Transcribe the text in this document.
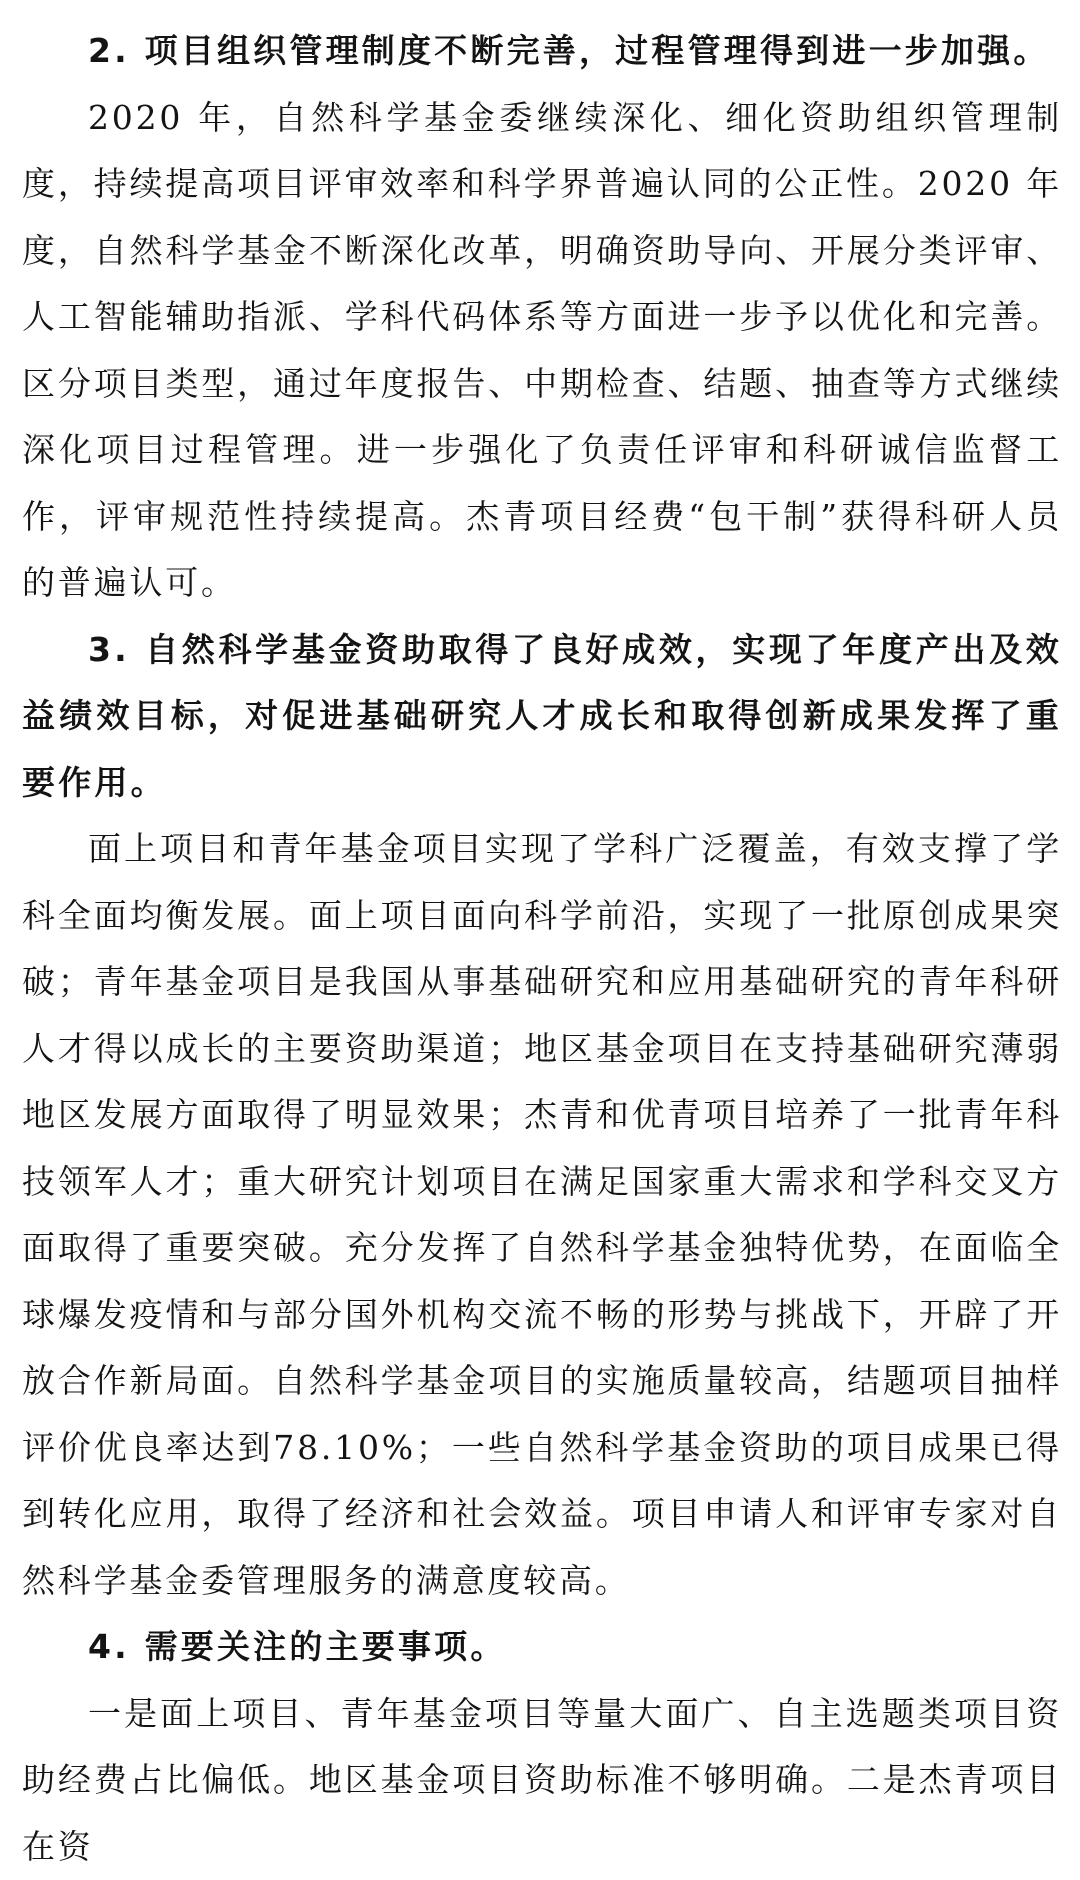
2. 项目组织管理制度不断完善，过程管理得到进一步加强。

2020 年，自然科学基金委继续深化、细化资助组织管理制度，持续提高项目评审效率和科学界普遍认同的公正性。2020 年度，自然科学基金不断深化改革，明确资助导向、开展分类评审、人工智能辅助指派、学科代码体系等方面进一步予以优化和完善。区分项目类型，通过年度报告、中期检查、结题、抽查等方式继续深化项目过程管理。进一步强化了负责任评审和科研诚信监督工作，评审规范性持续提高。杰青项目经费“包干制”获得科研人员的普遍认可。

3. 自然科学基金资助取得了良好成效，实现了年度产出及效益绩效目标，对促进基础研究人才成长和取得创新成果发挥了重要作用。

面上项目和青年基金项目实现了学科广泛覆盖，有效支撑了学科全面均衡发展。面上项目面向科学前沿，实现了一批原创成果突破；青年基金项目是我国从事基础研究和应用基础研究的青年科研人才得以成长的主要资助渠道；地区基金项目在支持基础研究薄弱地区发展方面取得了明显效果；杰青和优青项目培养了一批青年科技领军人才；重大研究计划项目在满足国家重大需求和学科交叉方面取得了重要突破。充分发挥了自然科学基金独特优势，在面临全球爆发疫情和与部分国外机构交流不畅的形势与挑战下，开辟了开放合作新局面。自然科学基金项目的实施质量较高，结题项目抽样评价优良率达到78.10%；一些自然科学基金资助的项目成果已得到转化应用，取得了经济和社会效益。项目申请人和评审专家对自然科学基金委管理服务的满意度较高。

4. 需要关注的主要事项。

一是面上项目、青年基金项目等量大面广、自主选题类项目资助经费占比偏低。地区基金项目资助标准不够明确。二是杰青项目在资
